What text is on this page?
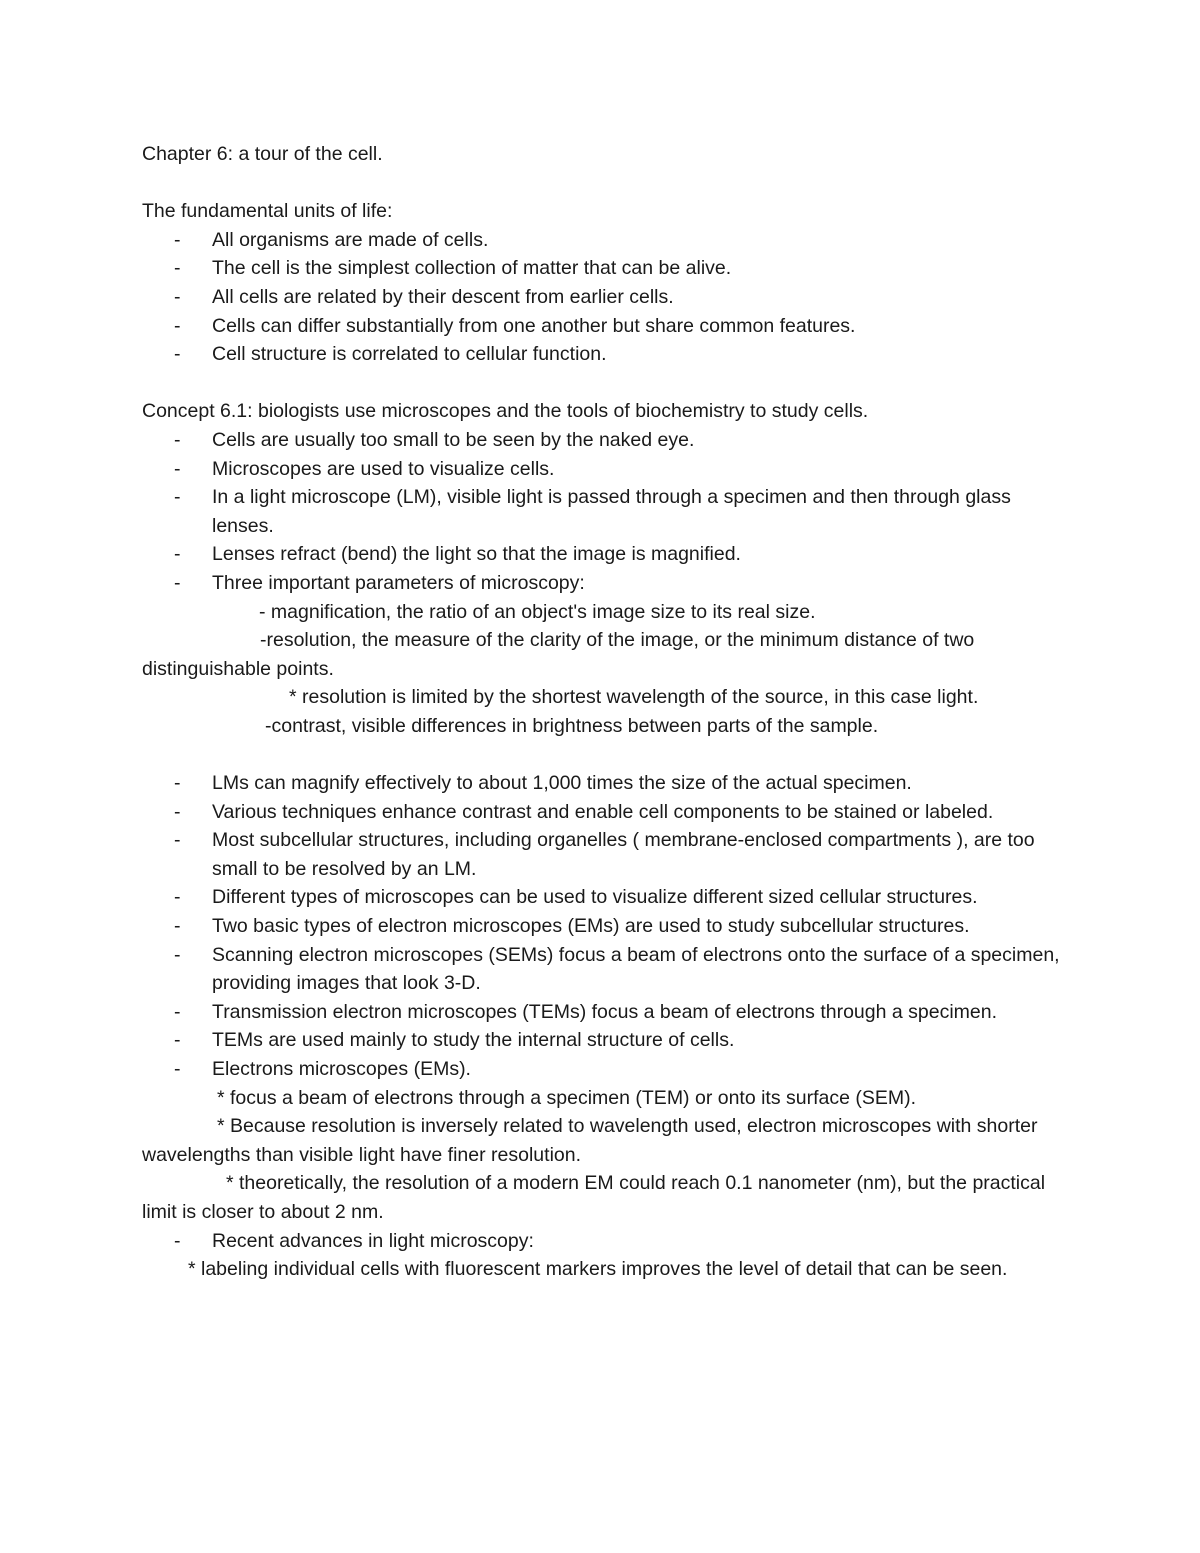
Chapter 6: a tour of the cell.

The fundamental units of life:

- All organisms are made of cells.
- The cell is the simplest collection of matter that can be alive.
- All cells are related by their descent from earlier cells.
- Cells can differ substantially from one another but share common features.
- Cell structure is correlated to cellular function.

Concept 6.1: biologists use microscopes and the tools of biochemistry to study cells.

- Cells are usually too small to be seen by the naked eye.
- Microscopes are used to visualize cells.
- In a light microscope (LM), visible light is passed through a specimen and then through glass lenses.
- Lenses refract (bend) the light so that the image is magnified.
- Three important parameters of microscopy:

- magnification, the ratio of an object's image size to its real size.

-resolution, the measure of the clarity of the image, or the minimum distance of two distinguishable points.

* resolution is limited by the shortest wavelength of the source, in this case light.

-contrast, visible differences in brightness between parts of the sample.

- LMs can magnify effectively to about 1,000 times the size of the actual specimen.
- Various techniques enhance contrast and enable cell components to be stained or labeled.
- Most subcellular structures, including organelles ( membrane-enclosed compartments ), are too small to be resolved by an LM.
- Different types of microscopes can be used to visualize different sized cellular structures.
- Two basic types of electron microscopes (EMs) are used to study subcellular structures.
- Scanning electron microscopes (SEMs) focus a beam of electrons onto the surface of a specimen, providing images that look 3-D.
- Transmission electron microscopes (TEMs) focus a beam of electrons through a specimen.
- TEMs are used mainly to study the internal structure of cells.
- Electrons microscopes (EMs).

* focus a beam of electrons through a specimen (TEM) or onto its surface (SEM).

* Because resolution is inversely related to wavelength used, electron microscopes with shorter wavelengths than visible light have finer resolution.

* theoretically, the resolution of a modern EM could reach 0.1 nanometer (nm), but the practical limit is closer to about 2 nm.

- Recent advances in light microscopy:

* labeling individual cells with fluorescent markers improves the level of detail that can be seen.
